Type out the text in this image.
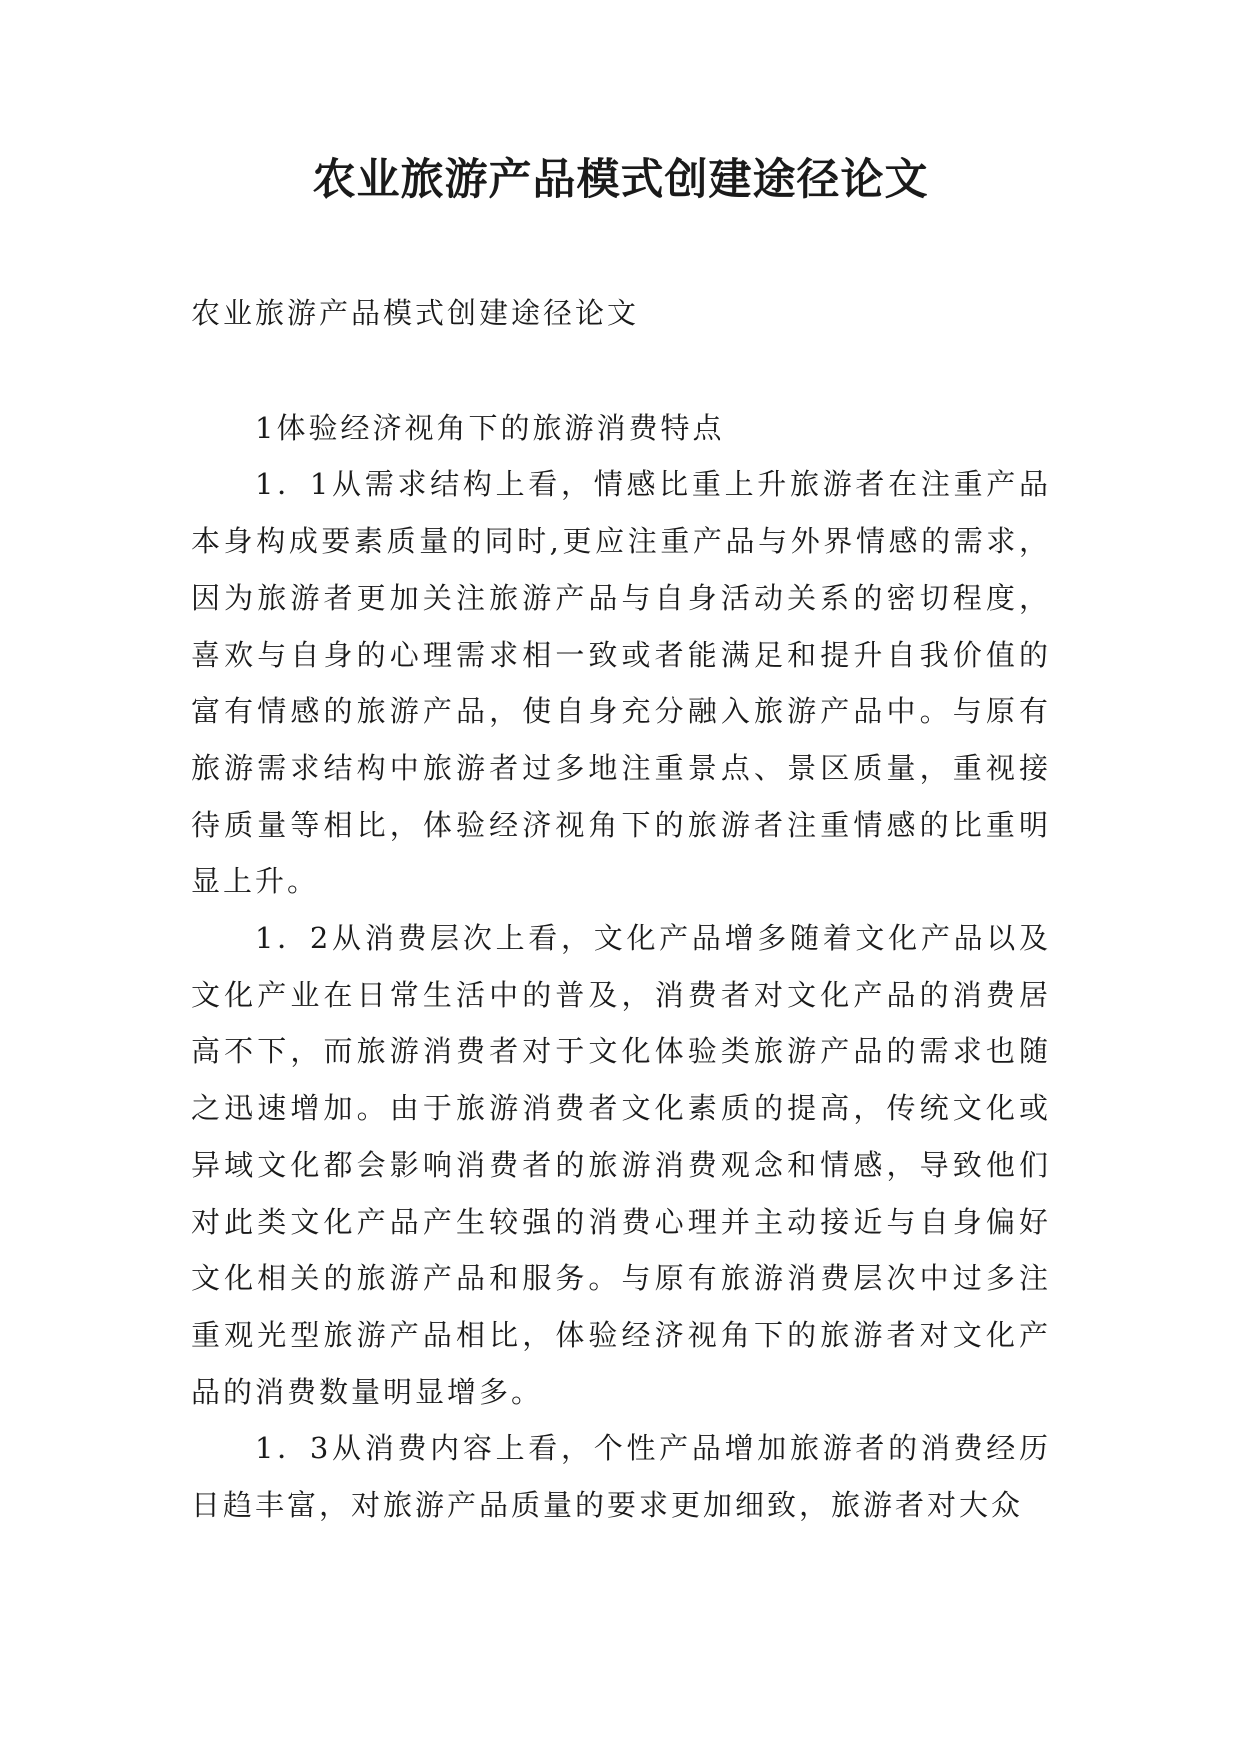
农业旅游产品模式创建途径论文

农业旅游产品模式创建途径论文

1体验经济视角下的旅游消费特点

1．1从需求结构上看，情感比重上升旅游者在注重产品本身构成要素质量的同时,更应注重产品与外界情感的需求，因为旅游者更加关注旅游产品与自身活动关系的密切程度，喜欢与自身的心理需求相一致或者能满足和提升自我价值的富有情感的旅游产品，使自身充分融入旅游产品中。与原有旅游需求结构中旅游者过多地注重景点、景区质量，重视接待质量等相比，体验经济视角下的旅游者注重情感的比重明显上升。

1．2从消费层次上看，文化产品增多随着文化产品以及文化产业在日常生活中的普及，消费者对文化产品的消费居高不下，而旅游消费者对于文化体验类旅游产品的需求也随之迅速增加。由于旅游消费者文化素质的提高，传统文化或异域文化都会影响消费者的旅游消费观念和情感，导致他们对此类文化产品产生较强的消费心理并主动接近与自身偏好文化相关的旅游产品和服务。与原有旅游消费层次中过多注重观光型旅游产品相比，体验经济视角下的旅游者对文化产品的消费数量明显增多。

1．3从消费内容上看，个性产品增加旅游者的消费经历日趋丰富，对旅游产品质量的要求更加细致，旅游者对大众
